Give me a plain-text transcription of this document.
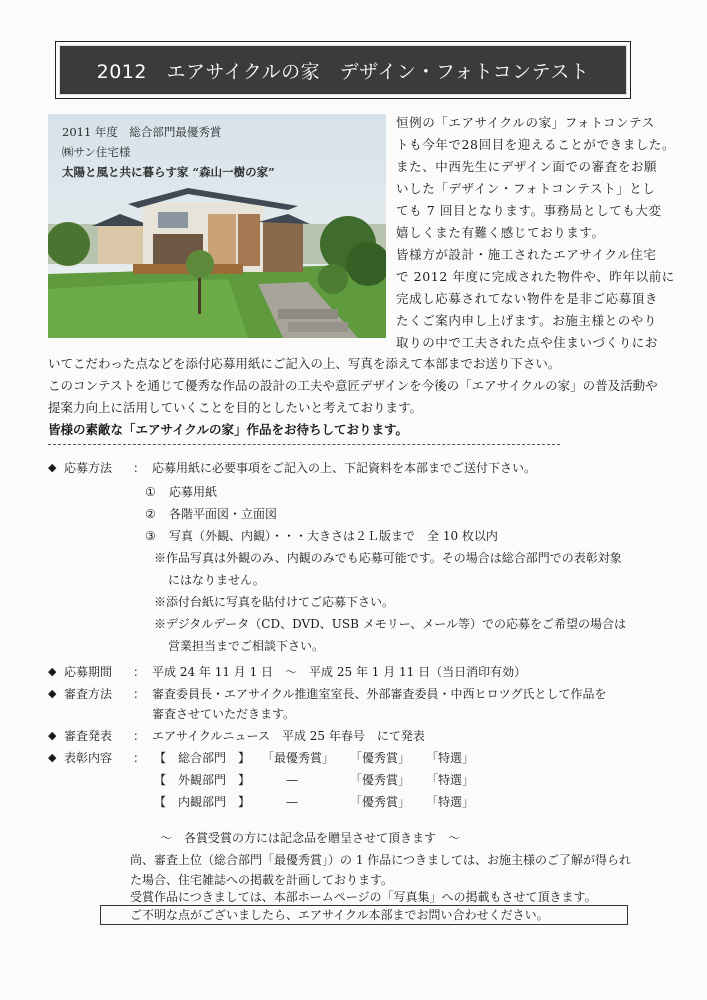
2012　エアサイクルの家　デザイン・フォトコンテスト
2011 年度　総合部門最優秀賞
㈱サン住宅様
太陽と風と共に暮らす家 “森山一樹の家”
恒例の「エアサイクルの家」フォトコンテス
トも今年で28回目を迎えることができました。
また、中西先生にデザイン面での審査をお願
いした「デザイン・フォトコンテスト」とし
ても 7 回目となります。事務局としても大変
嬉しくまた有難く感じております。
皆様方が設計・施工されたエアサイクル住宅
で 2012 年度に完成された物件や、昨年以前に
完成し応募されてない物件を是非ご応募頂き
たくご案内申し上げます。お施主様とのやり
取りの中で工夫された点や住まいづくりにお
いてこだわった点などを添付応募用紙にご記入の上、写真を添えて本部までお送り下さい。
このコンテストを通じて優秀な作品の設計の工夫や意匠デザインを今後の「エアサイクルの家」の普及活動や
提案力向上に活用していくことを目的としたいと考えております。
皆様の素敵な「エアサイクルの家」作品をお待ちしております。
◆ 応募方法 ： 応募用紙に必要事項をご記入の上、下記資料を本部までご送付下さい。
① 応募用紙
② 各階平面図・立面図
③ 写真（外観、内観）・・・大きさは２Ｌ版まで　全 10 枚以内
※作品写真は外観のみ、内観のみでも応募可能です。その場合は総合部門での表彰対象
にはなりません。
※添付台紙に写真を貼付けてご応募下さい。
※デジタルデータ（CD、DVD、USB メモリー、メール等）での応募をご希望の場合は
営業担当までご相談下さい。
◆ 応募期間 ： 平成 24 年 11 月 1 日　～　平成 25 年 1 月 11 日（当日消印有効）
◆ 審査方法 ： 審査委員長・エアサイクル推進室室長、外部審査委員・中西ヒロツグ氏として作品を
審査させていただきます。
◆ 審査発表 ： エアサイクルニュース　平成 25 年春号　にて発表
◆ 表彰内容 ： 【　総合部門　】 「最優秀賞」 「優秀賞」 「特選」
【　外観部門　】	—	「優秀賞」 「特選」
【　内観部門　】	—	「優秀賞」 「特選」
～　各賞受賞の方には記念品を贈呈させて頂きます　～
尚、審査上位（総合部門「最優秀賞」）の 1 作品につきましては、お施主様のご了解が得られ
た場合、住宅雑誌への掲載を計画しております。
受賞作品につきましては、本部ホームページの「写真集」への掲載もさせて頂きます。
ご不明な点がございましたら、エアサイクル本部までお問い合わせください。
